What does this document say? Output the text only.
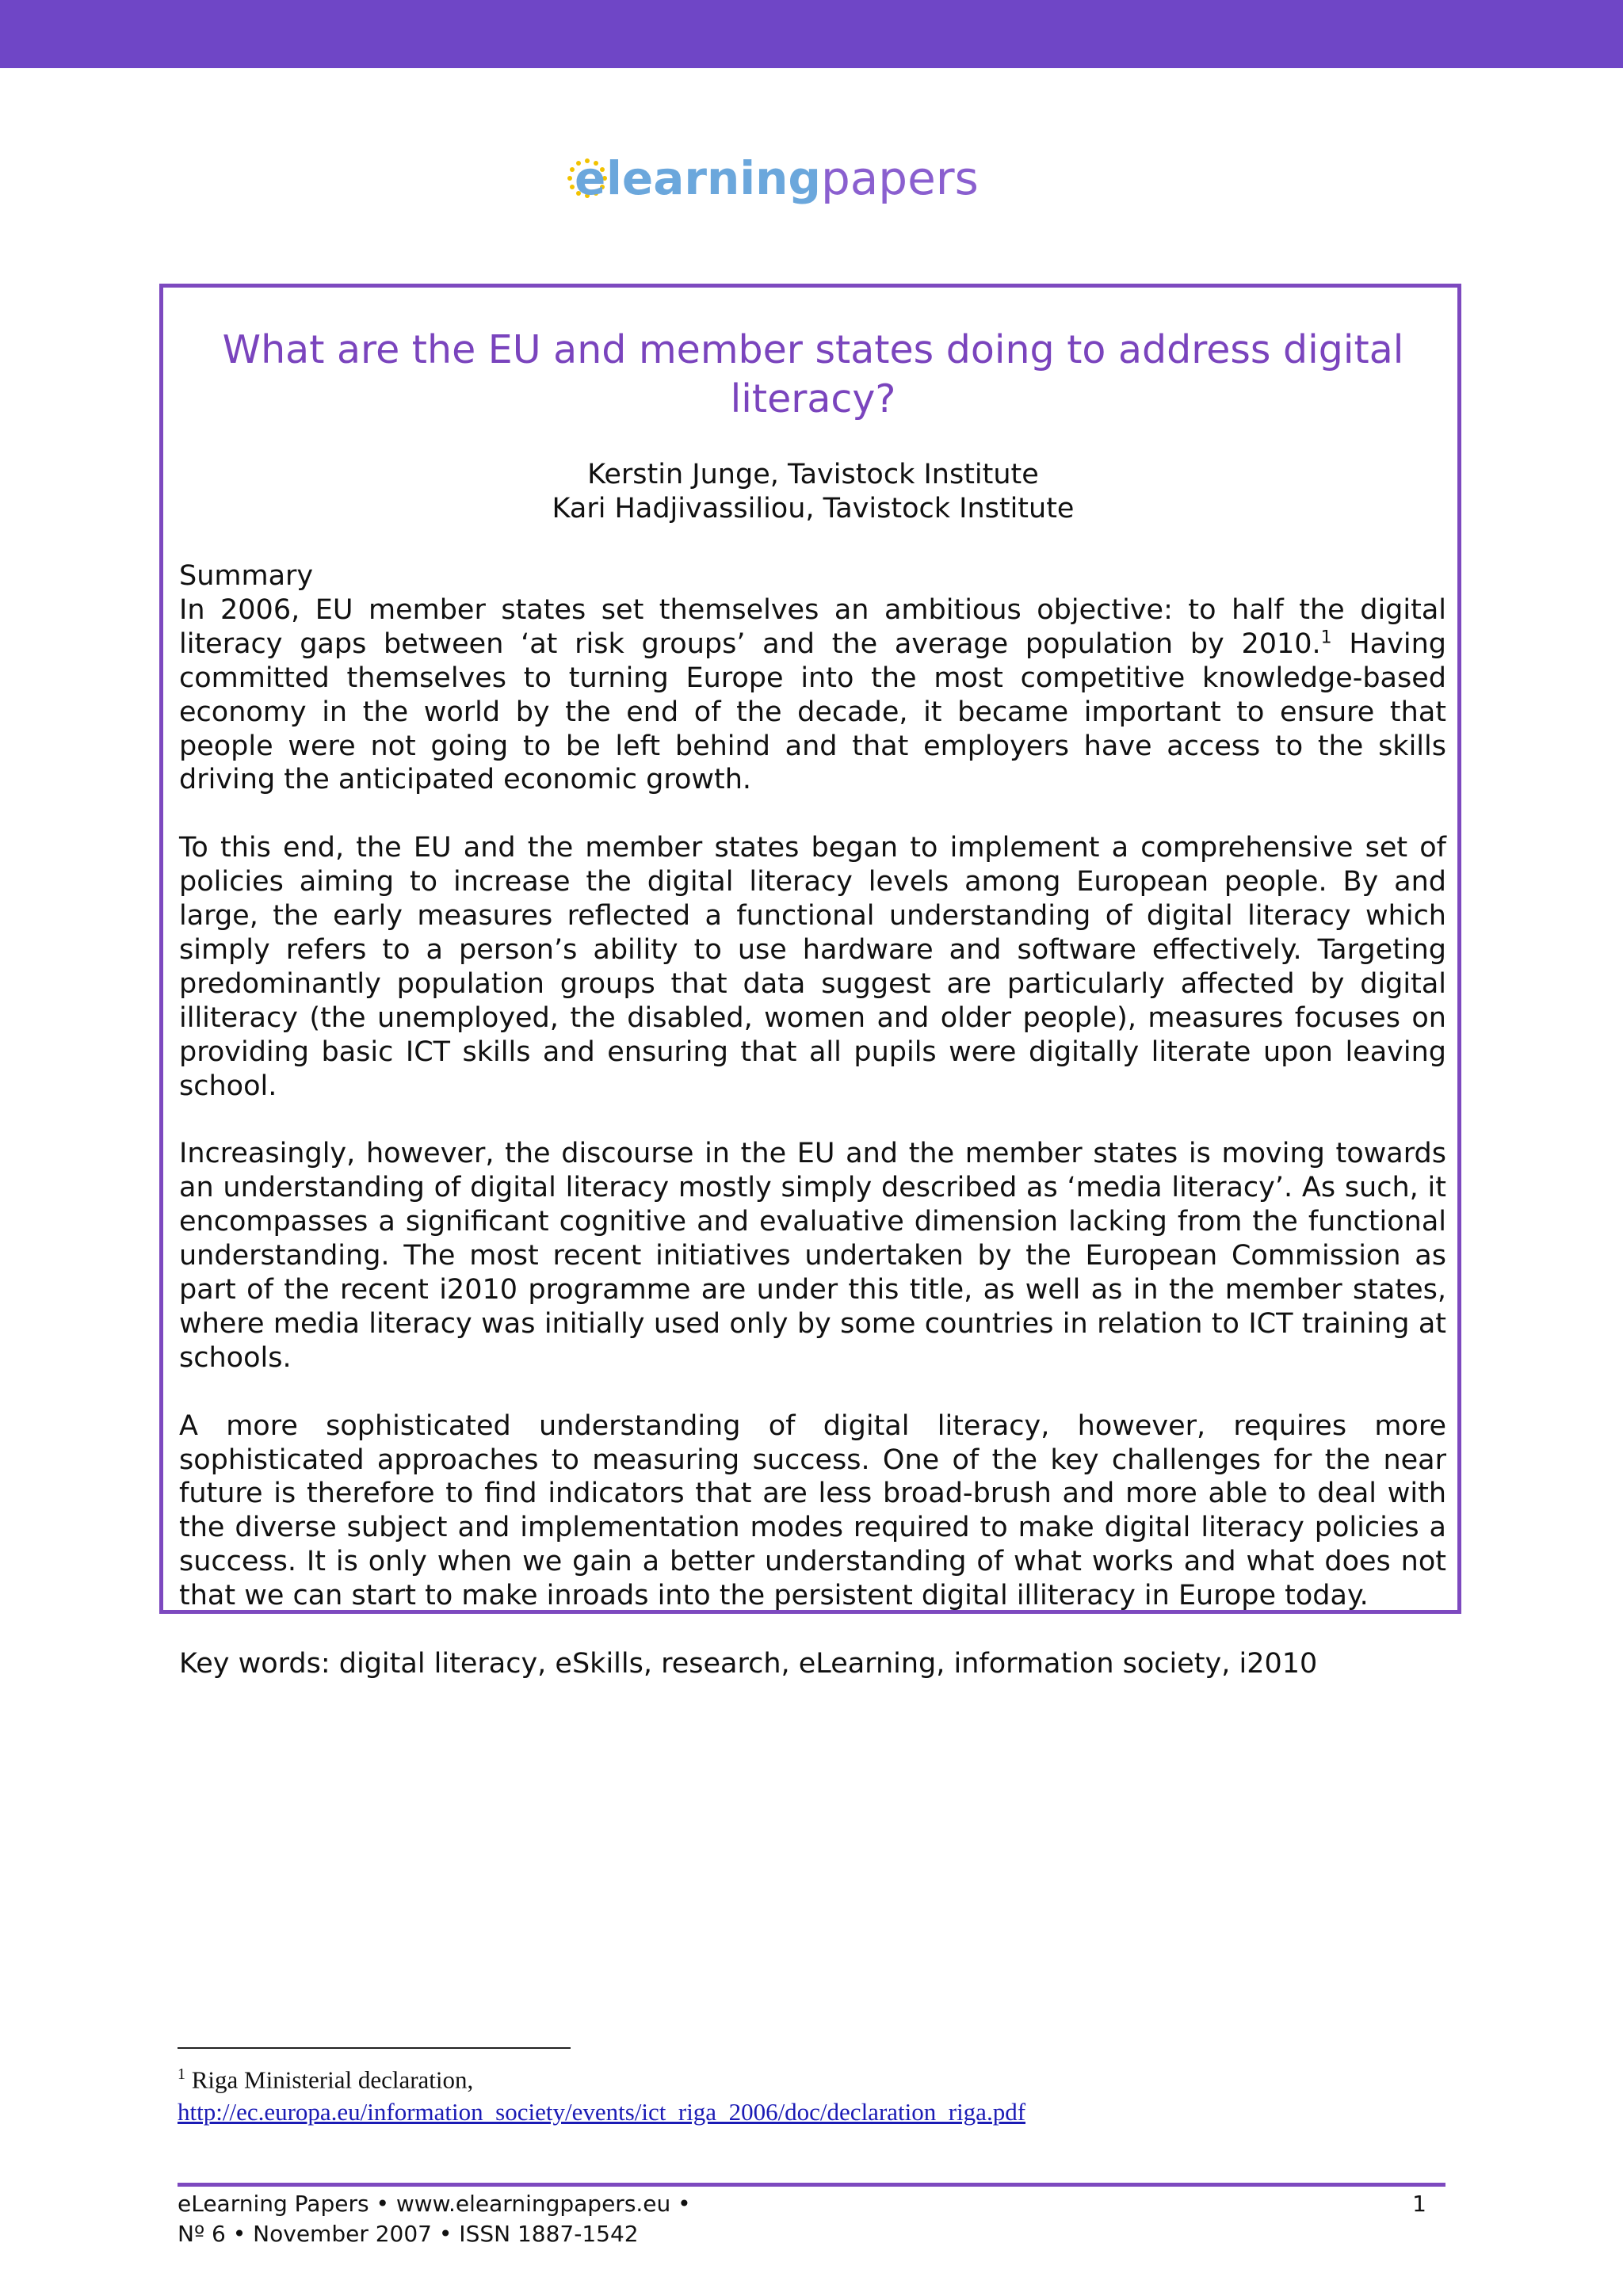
e learningpapers
What are the EU and member states doing to address digital literacy?
Kerstin Junge, Tavistock Institute
Kari Hadjivassiliou, Tavistock Institute

Summary
In 2006, EU member states set themselves an ambitious objective: to half the digital literacy gaps between ‘at risk groups’ and the average population by 2010.$^1$ Having committed themselves to turning Europe into the most competitive knowledge-based economy in the world by the end of the decade, it became important to ensure that people were not going to be left behind and that employers have access to the skills driving the anticipated economic growth.

To this end, the EU and the member states began to implement a comprehensive set of policies aiming to increase the digital literacy levels among European people. By and large, the early measures reflected a functional understanding of digital literacy which simply refers to a person’s ability to use hardware and software effectively. Targeting predominantly population groups that data suggest are particularly affected by digital illiteracy (the unemployed, the disabled, women and older people), measures focuses on providing basic ICT skills and ensuring that all pupils were digitally literate upon leaving school.

Increasingly, however, the discourse in the EU and the member states is moving towards an understanding of digital literacy mostly simply described as ‘media literacy’. As such, it encompasses a significant cognitive and evaluative dimension lacking from the functional understanding. The most recent initiatives undertaken by the European Commission as part of the recent i2010 programme are under this title, as well as in the member states, where media literacy was initially used only by some countries in relation to ICT training at schools.

A more sophisticated understanding of digital literacy, however, requires more sophisticated approaches to measuring success. One of the key challenges for the near future is therefore to find indicators that are less broad-brush and more able to deal with the diverse subject and implementation modes required to make digital literacy policies a success. It is only when we gain a better understanding of what works and what does not that we can start to make inroads into the persistent digital illiteracy in Europe today.

Key words: digital literacy, eSkills, research, eLearning, information society, i2010

$^1$ Riga Ministerial declaration,
http://ec.europa.eu/information_society/events/ict_riga_2006/doc/declaration_riga.pdf
eLearning Papers • www.elearningpapers.eu •
Nº 6 • November 2007 • ISSN 1887-1542
1
